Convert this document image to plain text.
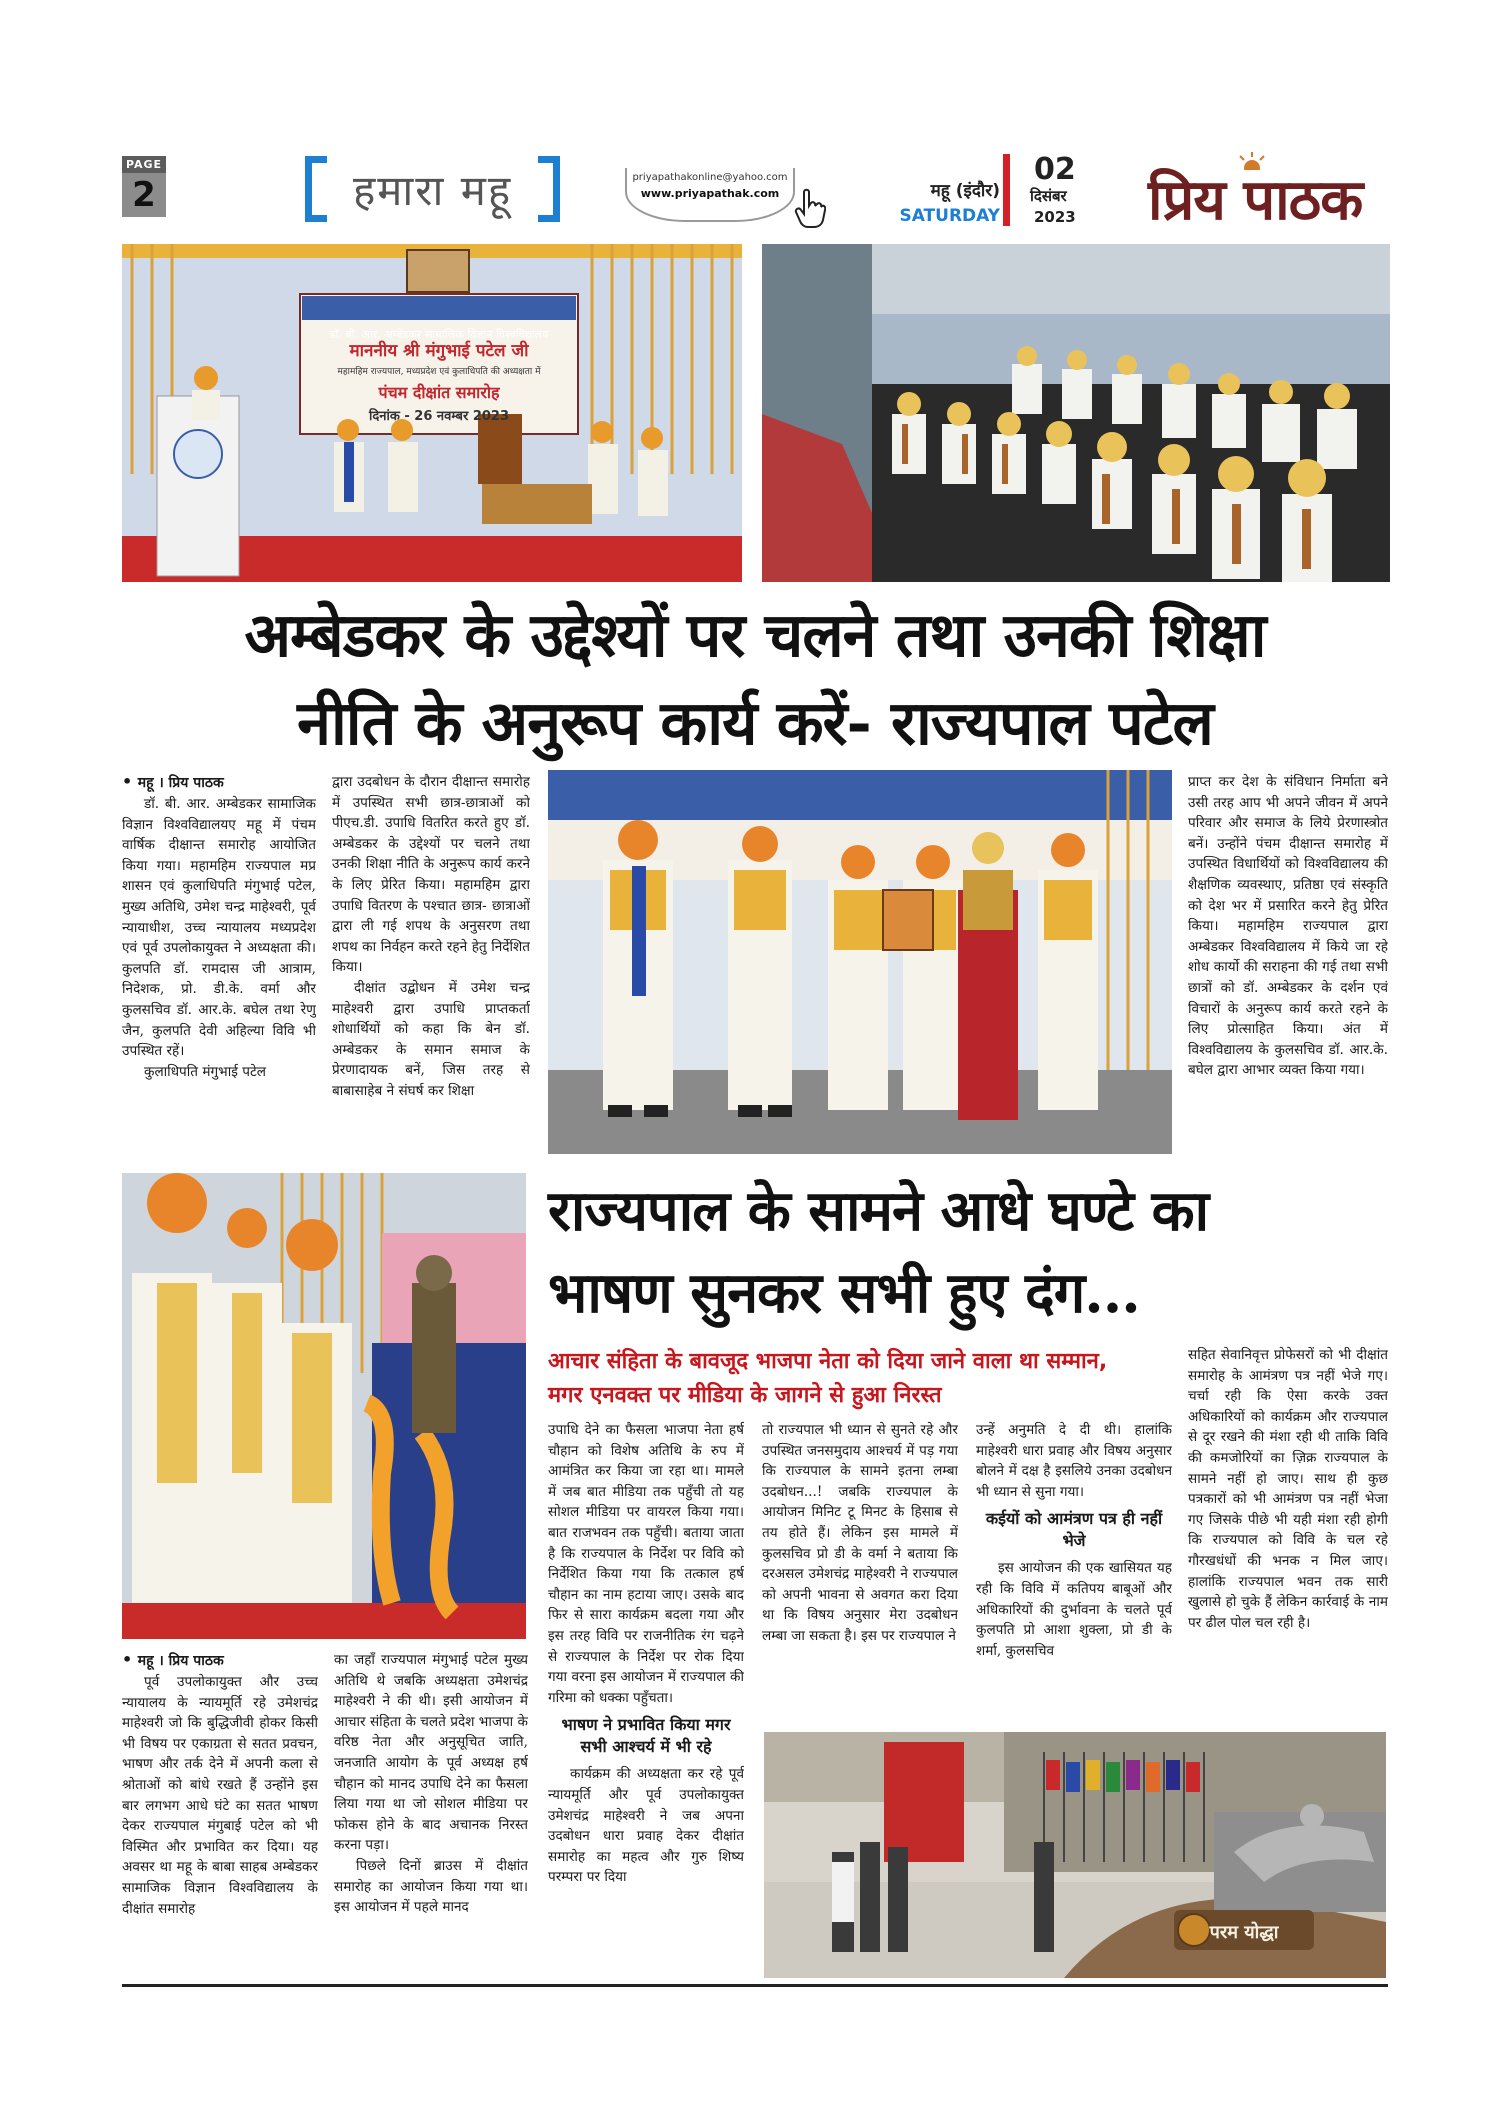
PAGE
2	हमारा महू	priyapathakonline@yahoo.com
www.priyapathak.com	महू (इंदौर)
SATURDAY
02
दिसंबर
2023 प्रिय पाठक
डॉ. बी. आर. अम्बेडकर सामाजिक विज्ञान विश्वविद्यालय
माननीय श्री मंगुभाई पटेल जी
महामहिम राज्यपाल, मध्यप्रदेश एवं कुलाधिपति की अध्यक्षता में
पंचम दीक्षांत समारोह
दिनांक - 26 नवम्बर 2023
अम्बेडकर के उद्देश्यों पर चलने तथा उनकी शिक्षा
नीति के अनुरूप कार्य करें- राज्यपाल पटेल
• महू । प्रिय पाठक

डॉ. बी. आर. अम्बेडकर सामाजिक विज्ञान विश्वविद्यालयए महू में पंचम वार्षिक दीक्षान्त समारोह आयोजित किया गया। महामहिम राज्यपाल मप्र शासन एवं कुलाधिपति मंगुभाई पटेल, मुख्य अतिथि, उमेश चन्द्र माहेश्वरी, पूर्व न्यायाधीश, उच्च न्यायालय मध्यप्रदेश एवं पूर्व उपलोकायुक्त ने अध्यक्षता की। कुलपति डॉ. रामदास जी आत्राम, निदेशक, प्रो. डी.के. वर्मा और कुलसचिव डॉ. आर.के. बघेल तथा रेणु जैन, कुलपति देवी अहिल्या विवि भी उपस्थित रहें।

कुलाधिपति मंगुभाई पटेल

द्वारा उदबोधन के दौरान दीक्षान्त समारोह में उपस्थित सभी छात्र-छात्राओं को पीएच.डी. उपाधि वितरित करते हुए डॉ. अम्बेडकर के उद्देश्यों पर चलने तथा उनकी शिक्षा नीति के अनुरूप कार्य करने के लिए प्रेरित किया। महामहिम द्वारा उपाधि वितरण के पश्चात छात्र- छात्राओं द्वारा ली गई शपथ के अनुसरण तथा शपथ का निर्वहन करते रहने हेतु निर्देशित किया।

दीक्षांत उद्बोधन में उमेश चन्द्र माहेश्वरी द्वारा उपाधि प्राप्तकर्ता शोधार्थियों को कहा कि बेन डॉ. अम्बेडकर के समान समाज के प्रेरणादायक बनें, जिस तरह से बाबासाहेब ने संघर्ष कर शिक्षा

प्राप्त कर देश के संविधान निर्माता बने उसी तरह आप भी अपने जीवन में अपने परिवार और समाज के लिये प्रेरणास्त्रोत बनें। उन्होंने पंचम दीक्षान्त समारोह में उपस्थित विधार्थियों को विश्वविद्यालय की शैक्षणिक व्यवस्थाए, प्रतिष्ठा एवं संस्कृति को देश भर में प्रसारित करने हेतु प्रेरित किया। महामहिम राज्यपाल द्वारा अम्बेडकर विश्वविद्यालय में किये जा रहे शोध कार्यो की सराहना की गई तथा सभी छात्रों को डॉ. अम्बेडकर के दर्शन एवं विचारों के अनुरूप कार्य करते रहने के लिए प्रोत्साहित किया। अंत में विश्वविद्यालय के कुलसचिव डॉ. आर.के. बघेल द्वारा आभार व्यक्त किया गया।

राज्यपाल के सामने आधे घण्टे का
भाषण सुनकर सभी हुए दंग...
आचार संहिता के बावजूद भाजपा नेता को दिया जाने वाला था सम्मान, मगर एनवक्त पर मीडिया के जागने से हुआ निरस्त
• महू । प्रिय पाठक

पूर्व उपलोकायुक्त और उच्च न्यायालय के न्यायमूर्ति रहे उमेशचंद्र माहेश्वरी जो कि बुद्धिजीवी होकर किसी भी विषय पर एकाग्रता से सतत प्रवचन, भाषण और तर्क देने में अपनी कला से श्रोताओं को बांधे रखते हैं उन्होंने इस बार लगभग आधे घंटे का सतत भाषण देकर राज्यपाल मंगुबाई पटेल को भी विस्मित और प्रभावित कर दिया। यह अवसर था महू के बाबा साहब अम्बेडकर सामाजिक विज्ञान विश्वविद्यालय के दीक्षांत समारोह

का जहाँ राज्यपाल मंगुभाई पटेल मुख्य अतिथि थे जबकि अध्यक्षता उमेशचंद्र माहेश्वरी ने की थी। इसी आयोजन में आचार संहिता के चलते प्रदेश भाजपा के वरिष्ठ नेता और अनुसूचित जाति, जनजाति आयोग के पूर्व अध्यक्ष हर्ष चौहान को मानद उपाधि देने का फैसला लिया गया था जो सोशल मीडिया पर फोकस होने के बाद अचानक निरस्त करना पड़ा।

पिछले दिनों ब्राउस में दीक्षांत समारोह का आयोजन किया गया था। इस आयोजन में पहले मानद

उपाधि देने का फैसला भाजपा नेता हर्ष चौहान को विशेष अतिथि के रुप में आमंत्रित कर किया जा रहा था। मामले में जब बात मीडिया तक पहुँची तो यह सोशल मीडिया पर वायरल किया गया। बात राजभवन तक पहुँची। बताया जाता है कि राज्यपाल के निर्देश पर विवि को निर्देशित किया गया कि तत्काल हर्ष चौहान का नाम हटाया जाए। उसके बाद फिर से सारा कार्यक्रम बदला गया और इस तरह विवि पर राजनीतिक रंग चढ़ने से राज्यपाल के निर्देश पर रोक दिया गया वरना इस आयोजन में राज्यपाल की गरिमा को धक्का पहुँचता।

भाषण ने प्रभावित किया मगर सभी आश्चर्य में भी रहे

कार्यक्रम की अध्यक्षता कर रहे पूर्व न्यायमूर्ति और पूर्व उपलोकायुक्त उमेशचंद्र माहेश्वरी ने जब अपना उदबोधन धारा प्रवाह देकर दीक्षांत समारोह का महत्व और गुरु शिष्य परम्परा पर दिया

तो राज्यपाल भी ध्यान से सुनते रहे और उपस्थित जनसमुदाय आश्चर्य में पड़ गया कि राज्यपाल के सामने इतना लम्बा उदबोधन...! जबकि राज्यपाल के आयोजन मिनिट टू मिनट के हिसाब से तय होते हैं। लेकिन इस मामले में कुलसचिव प्रो डी के वर्मा ने बताया कि दरअसल उमेशचंद्र माहेश्वरी ने राज्यपाल को अपनी भावना से अवगत करा दिया था कि विषय अनुसार मेरा उदबोधन लम्बा जा सकता है। इस पर राज्यपाल ने

उन्हें अनुमति दे दी थी। हालांकि माहेश्वरी धारा प्रवाह और विषय अनुसार बोलने में दक्ष है इसलिये उनका उदबोधन भी ध्यान से सुना गया।

कईयों को आमंत्रण पत्र ही नहीं भेजे

इस आयोजन की एक खासियत यह रही कि विवि में कतिपय बाबूओं और अधिकारियों की दुर्भावना के चलते पूर्व कुलपति प्रो आशा शुक्ला, प्रो डी के शर्मा, कुलसचिव

सहित सेवानिवृत्त प्रोफेसरों को भी दीक्षांत समारोह के आमंत्रण पत्र नहीं भेजे गए। चर्चा रही कि ऐसा करके उक्त अधिकारियों को कार्यक्रम और राज्यपाल से दूर रखने की मंशा रही थी ताकि विवि की कमजोरियों का ज़िक्र राज्यपाल के सामने नहीं हो जाए। साथ ही कुछ पत्रकारों को भी आमंत्रण पत्र नहीं भेजा गए जिसके पीछे भी यही मंशा रही होगी कि राज्यपाल को विवि के चल रहे गौरखधंधों की भनक न मिल जाए। हालांकि राज्यपाल भवन तक सारी खुलासे हो चुके हैं लेकिन कार्रवाई के नाम पर ढील पोल चल रही है।

परम योद्धा
